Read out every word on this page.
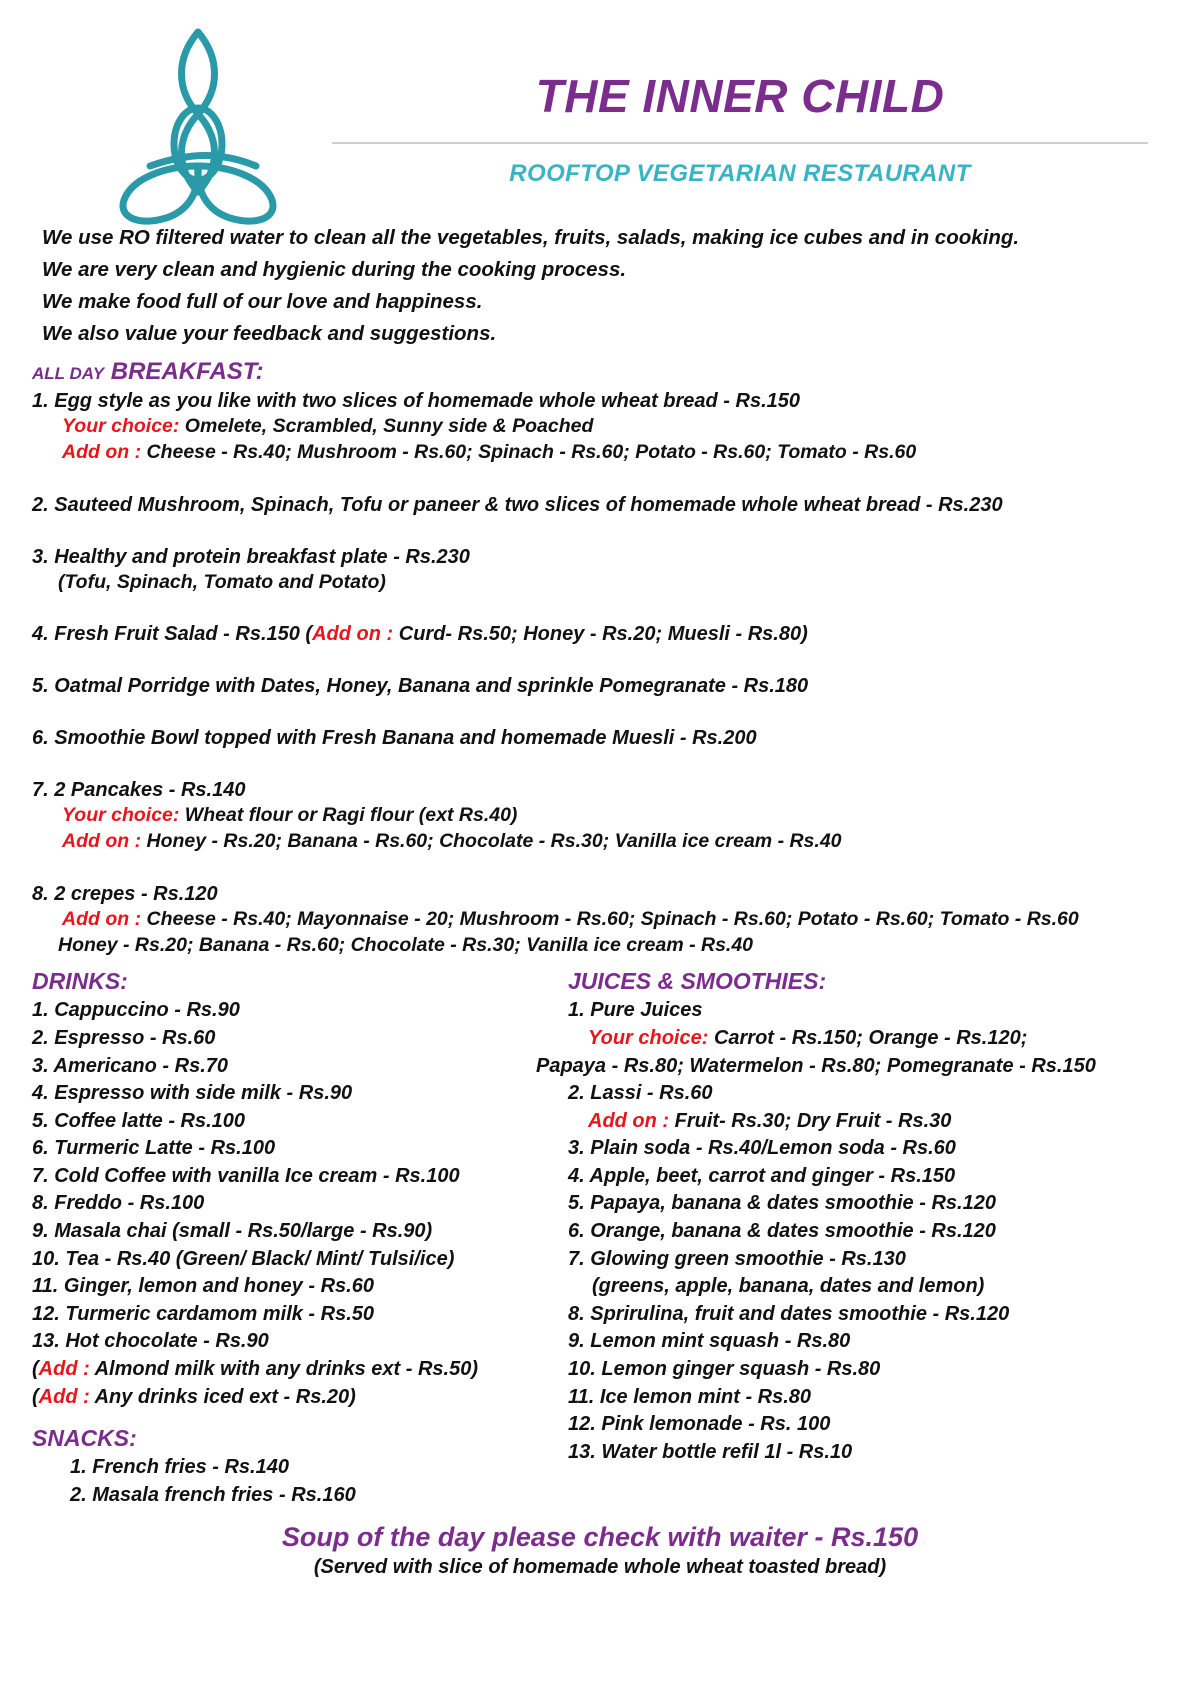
THE INNER CHILD
ROOFTOP VEGETARIAN RESTAURANT

We use RO filtered water to clean all the vegetables, fruits, salads, making ice cubes and in cooking.

We are very clean and hygienic during the cooking process.

We make food full of our love and happiness.

We also value your feedback and suggestions.

ALL DAY BREAKFAST:

1. Egg style as you like with two slices of homemade whole wheat bread - Rs.150

Your choice: Omelete, Scrambled, Sunny side & Poached

Add on : Cheese - Rs.40; Mushroom - Rs.60; Spinach - Rs.60; Potato - Rs.60; Tomato - Rs.60

2. Sauteed Mushroom, Spinach, Tofu or paneer & two slices of homemade whole wheat bread - Rs.230

3. Healthy and protein breakfast plate - Rs.230

(Tofu, Spinach, Tomato and Potato)

4. Fresh Fruit Salad - Rs.150 (Add on : Curd- Rs.50; Honey - Rs.20; Muesli - Rs.80)

5. Oatmal Porridge with Dates, Honey, Banana and sprinkle Pomegranate - Rs.180

6. Smoothie Bowl topped with Fresh Banana and homemade Muesli - Rs.200

7. 2 Pancakes - Rs.140

Your choice: Wheat flour or Ragi flour (ext Rs.40)

Add on : Honey - Rs.20; Banana - Rs.60; Chocolate - Rs.30; Vanilla ice cream - Rs.40

8. 2 crepes - Rs.120

Add on : Cheese - Rs.40; Mayonnaise - 20; Mushroom - Rs.60; Spinach - Rs.60; Potato - Rs.60; Tomato - Rs.60

Honey - Rs.20; Banana - Rs.60; Chocolate - Rs.30; Vanilla ice cream - Rs.40

DRINKS:

1. Cappuccino - Rs.90

2. Espresso - Rs.60

3. Americano - Rs.70

4. Espresso with side milk - Rs.90

5. Coffee latte - Rs.100

6. Turmeric Latte - Rs.100

7. Cold Coffee with vanilla Ice cream - Rs.100

8. Freddo - Rs.100

9. Masala chai (small - Rs.50/large - Rs.90)

10. Tea - Rs.40 (Green/ Black/ Mint/ Tulsi/ice)

11. Ginger, lemon and honey - Rs.60

12. Turmeric cardamom milk - Rs.50

13. Hot chocolate - Rs.90

(Add : Almond milk with any drinks ext - Rs.50)

(Add : Any drinks iced ext - Rs.20)

SNACKS:

1. French fries - Rs.140

2. Masala french fries - Rs.160

JUICES & SMOOTHIES:

1. Pure Juices

Your choice: Carrot - Rs.150; Orange - Rs.120;

Papaya - Rs.80; Watermelon - Rs.80; Pomegranate - Rs.150

2. Lassi - Rs.60

Add on : Fruit- Rs.30; Dry Fruit - Rs.30

3. Plain soda - Rs.40/Lemon soda - Rs.60

4. Apple, beet, carrot and ginger - Rs.150

5. Papaya, banana & dates smoothie - Rs.120

6. Orange, banana & dates smoothie - Rs.120

7. Glowing green smoothie - Rs.130

(greens, apple, banana, dates and lemon)

8. Sprirulina, fruit and dates smoothie - Rs.120

9. Lemon mint squash - Rs.80

10. Lemon ginger squash - Rs.80

11. Ice lemon mint - Rs.80

12. Pink lemonade - Rs. 100

13. Water bottle refil 1l - Rs.10

Soup of the day please check with waiter - Rs.150

(Served with slice of homemade whole wheat toasted bread)
